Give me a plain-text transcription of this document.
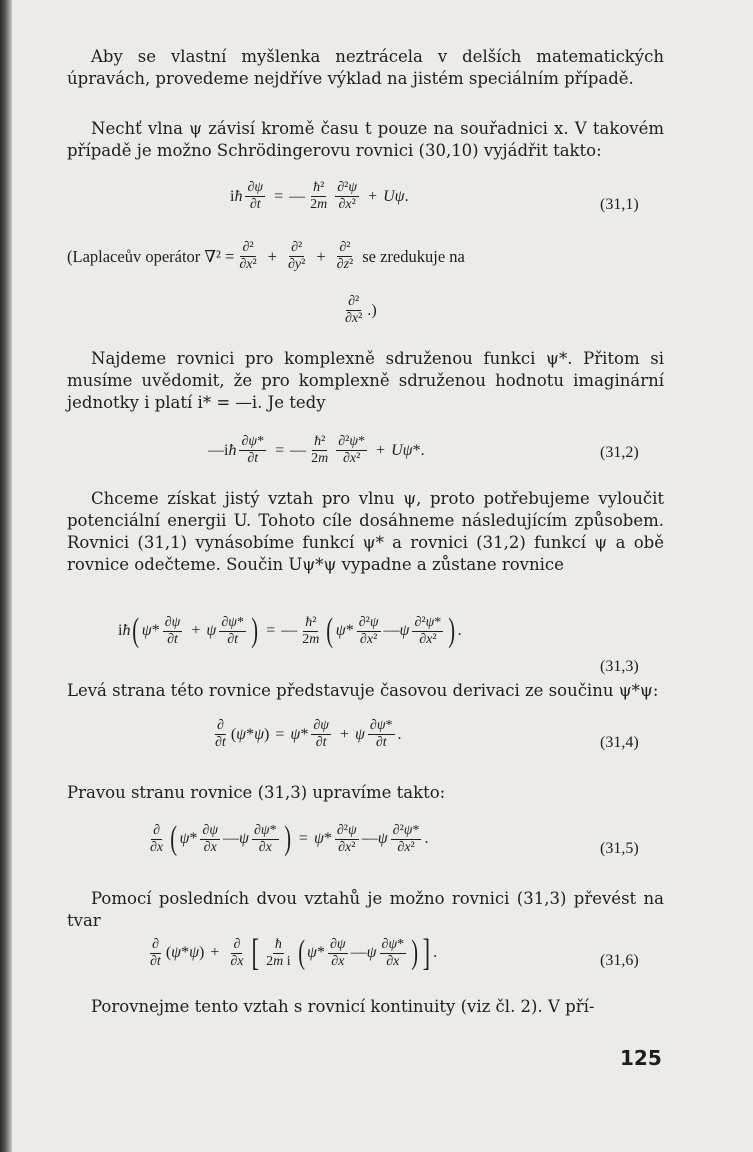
Aby se vlastní myšlenka neztrácela v delších matematických úpravách, provedeme nejdříve výklad na jistém speciálním případě.

Nechť vlna ψ závisí kromě času t pouze na souřadnici x. V takovém případě je možno Schrödingerovu rovnici (30,10) vyjádřit takto:

iħ $\frac{\partial\psi}{\partial t}$ = — $\frac{\text{ħ²}}{2m} \frac{\text{∂²ψ}}{\text{∂x²}} + U\psi$.	(31,1)
(Laplaceův operátor $\nabla^2 = \frac{\text{∂²}}{\text{∂x²}} + \frac{\text{∂²}}{\text{∂y²}} + \frac{\text{∂²}}{\text{∂z²}}$ se zredukuje na
$\frac{\text{∂²}}{\text{∂x²}}$ .)

Najdeme rovnici pro komplexně sdruženou funkci ψ*. Přitom si musíme uvědomit, že pro komplexně sdruženou hodnotu imaginární jednotky i platí i* = —i. Je tedy

—iħ $\frac{\partial\psi*}{\partial t}$ = — $\frac{\text{ħ²}}{2m} \frac{\text{∂²ψ*}}{\text{∂x²}} + U\psi*$.	(31,2)

Chceme získat jistý vztah pro vlnu ψ, proto potřebujeme vyloučit potenciální energii U. Tohoto cíle dosáhneme následujícím způsobem. Rovnici (31,1) vynásobíme funkcí ψ* a rovnici (31,2) funkcí ψ a obě rovnice odečteme. Součin Uψ*ψ vypadne a zůstane rovnice

iħ ( $\psi* \frac{\partial\psi}{\partial t} + \psi \frac{\partial\psi*}{\partial t}$ ) = — $\frac{\text{ħ²}}{2m}$ ( $\psi* \frac{\text{∂²ψ}}{\text{∂x²}}$ — ψ $\frac{\text{∂²ψ*}}{\text{∂x²}}$ ) .
(31,3)

Levá strana této rovnice představuje časovou derivaci ze součinu ψ*ψ:

$\frac{\partial}{\partial t} (\psi*\psi) = \psi* \frac{\partial\psi}{\partial t} + \psi \frac{\partial\psi*}{\partial t}$ .	(31,4)

Pravou stranu rovnice (31,3) upravíme takto:

$\frac{\partial}{\partial x}$ ( $\psi* \frac{\partial\psi}{\partial x}$ — ψ $\frac{\partial\psi*}{\partial x}$ ) = $\psi* \frac{\text{∂²ψ}}{\text{∂x²}}$ — ψ $\frac{\text{∂²ψ*}}{\text{∂x²}}$ .
(31,5)

Pomocí posledních dvou vztahů je možno rovnici (31,3) převést na tvar

$\frac{\partial}{\partial t} (\psi*\psi) + \frac{\partial}{\partial x}$ [ $\frac{ħ}{\text{2m i}}$ ( $\psi* \frac{\partial\psi}{\partial x}$ — ψ $\frac{\partial\psi*}{\partial x}$ ) ] .	(31,6)

Porovnejme tento vztah s rovnicí kontinuity (viz čl. 2). V pří-

125
